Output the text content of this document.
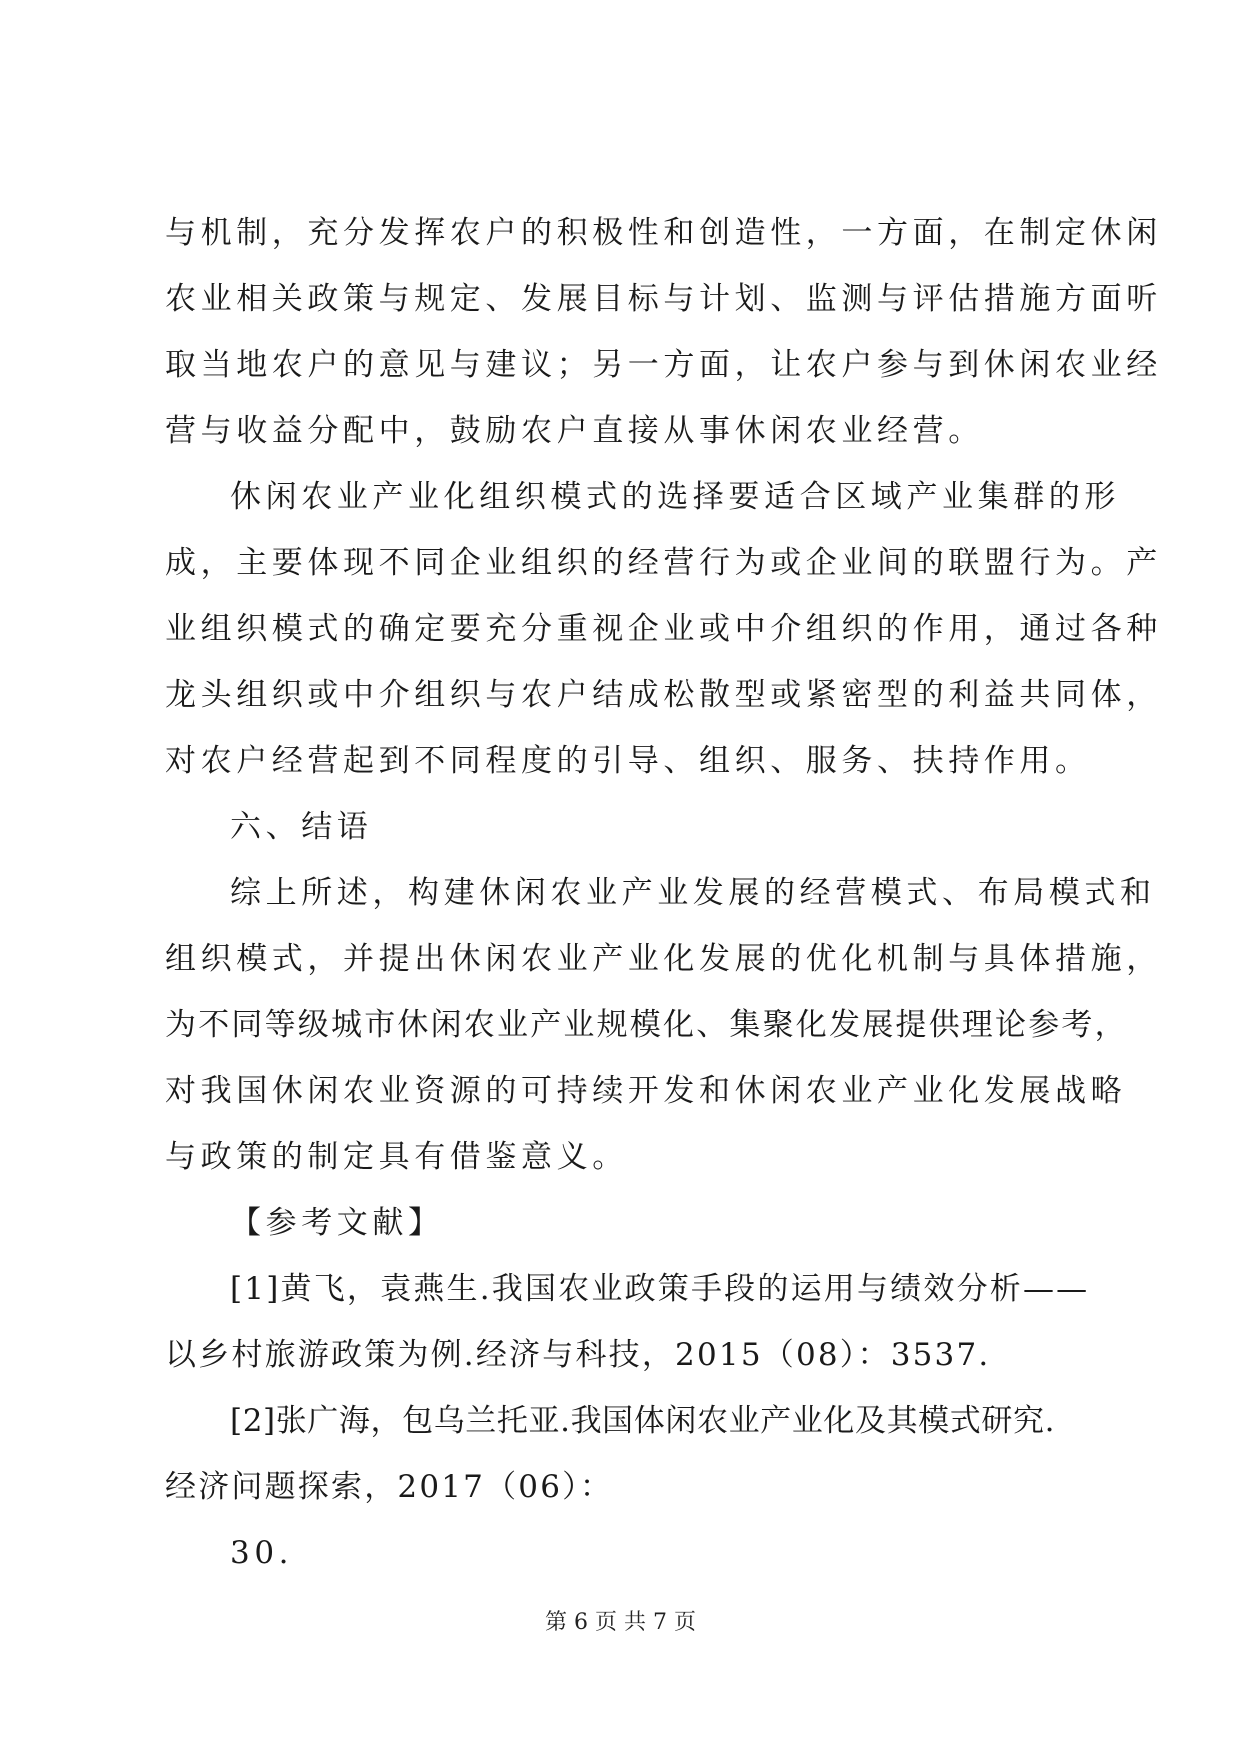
与机制，充分发挥农户的积极性和创造性，一方面，在制定休闲
农业相关政策与规定、发展目标与计划、监测与评估措施方面听
取当地农户的意见与建议；另一方面，让农户参与到休闲农业经
营与收益分配中，鼓励农户直接从事休闲农业经营。
休闲农业产业化组织模式的选择要适合区域产业集群的形
成，主要体现不同企业组织的经营行为或企业间的联盟行为。产
业组织模式的确定要充分重视企业或中介组织的作用，通过各种
龙头组织或中介组织与农户结成松散型或紧密型的利益共同体，
对农户经营起到不同程度的引导、组织、服务、扶持作用。
六、结语
综上所述，构建休闲农业产业发展的经营模式、布局模式和
组织模式，并提出休闲农业产业化发展的优化机制与具体措施，
为不同等级城市休闲农业产业规模化、集聚化发展提供理论参考，
对我国休闲农业资源的可持续开发和休闲农业产业化发展战略
与政策的制定具有借鉴意义。
【参考文献】
[1]黄飞，袁燕生.我国农业政策手段的运用与绩效分析——
以乡村旅游政策为例.经济与科技，2015（08）：3537.
[2]张广海，包乌兰托亚.我国体闲农业产业化及其模式研究.
经济问题探索，2017（06）：
30.
第 6 页 共 7 页
